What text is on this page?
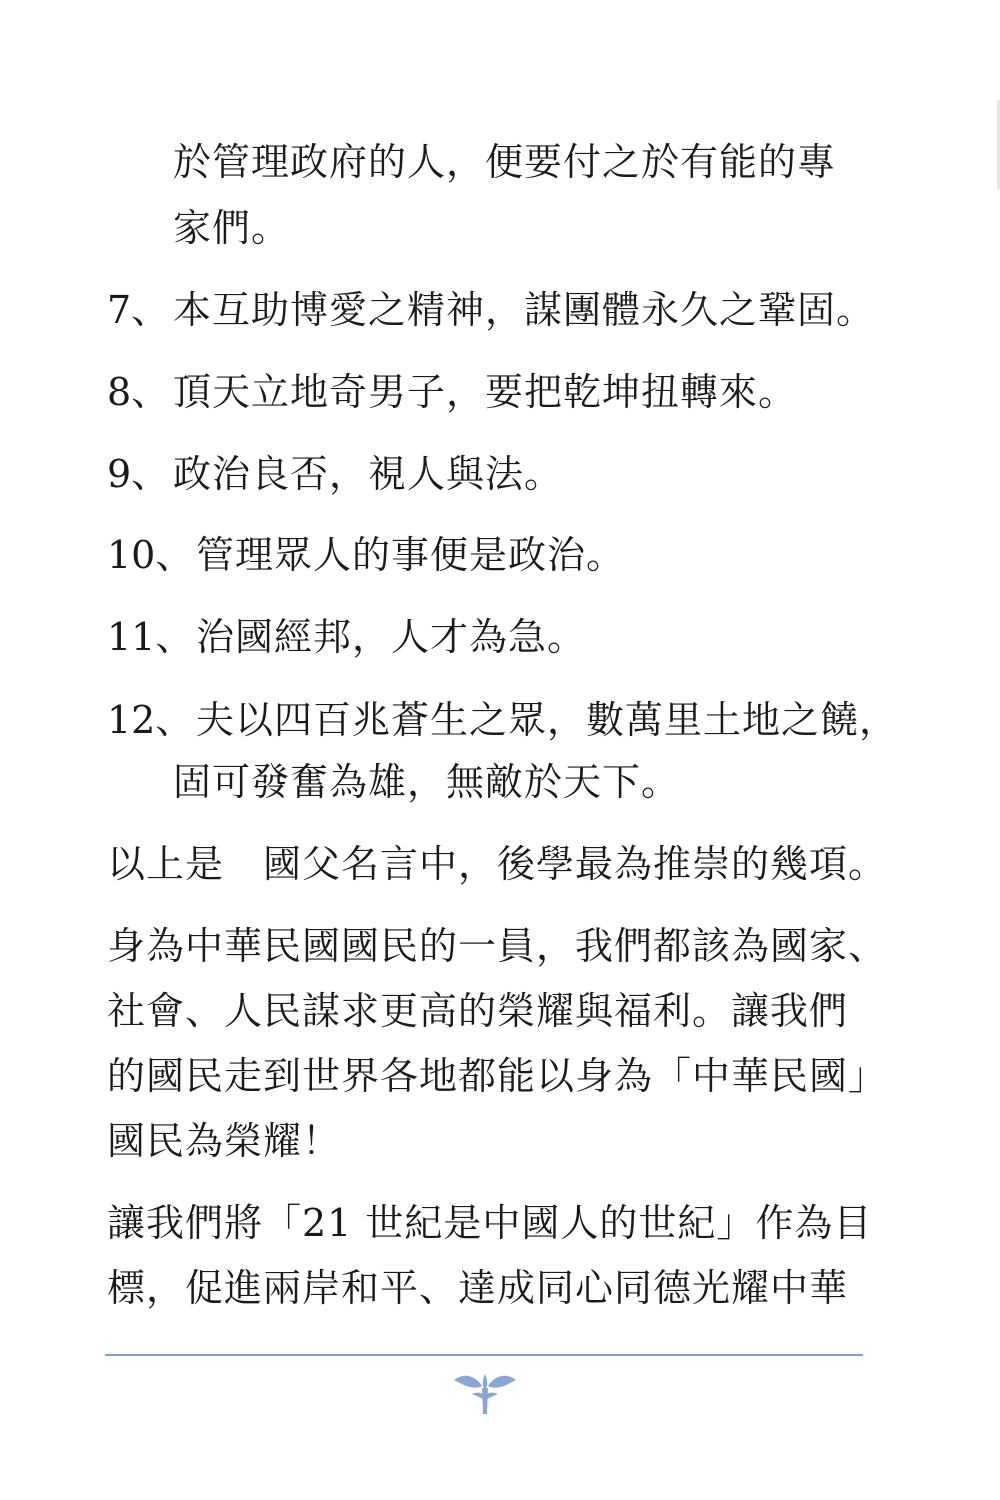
於管理政府的人，便要付之於有能的專
家們。
7、 本互助博愛之精神，謀團體永久之鞏固。
8、 頂天立地奇男子，要把乾坤扭轉來。
9、 政治良否，視人與法。
10、 管理眾人的事便是政治。
11、 治國經邦，人才為急。
12、 夫以四百兆蒼生之眾，數萬里土地之饒，
固可發奮為雄，無敵於天下。
以上是　國父名言中，後學最為推崇的幾項。
身為中華民國國民的一員，我們都該為國家、
社會、人民謀求更高的榮耀與福利。讓我們
的國民走到世界各地都能以身為「中華民國」
國民為榮耀！
讓我們將「21 世紀是中國人的世紀」作為目
標，促進兩岸和平、達成同心同德光耀中華
